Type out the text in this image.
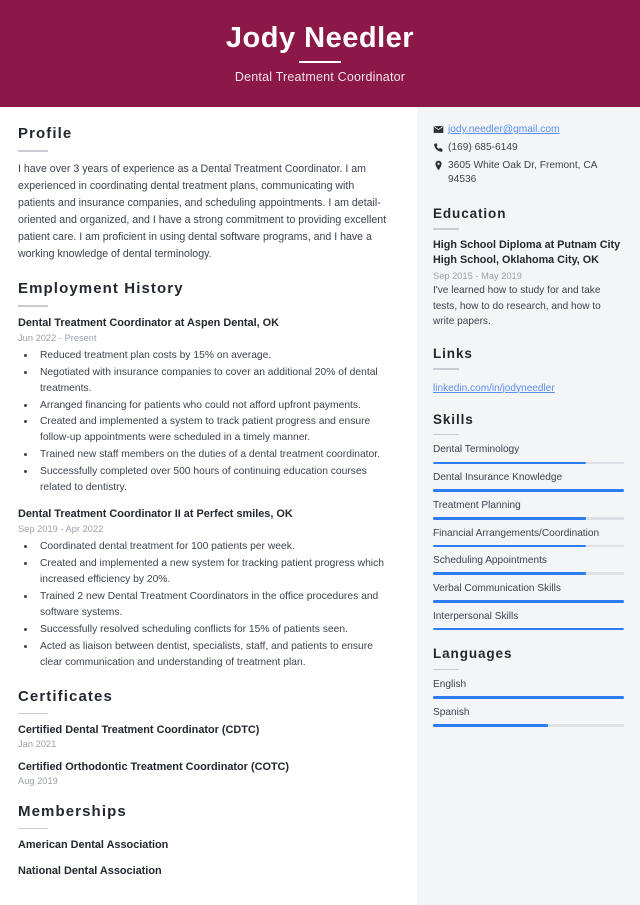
Jody Needler
Dental Treatment Coordinator
Profile
I have over 3 years of experience as a Dental Treatment Coordinator. I am experienced in coordinating dental treatment plans, communicating with patients and insurance companies, and scheduling appointments. I am detail-oriented and organized, and I have a strong commitment to providing excellent patient care. I am proficient in using dental software programs, and I have a working knowledge of dental terminology.
Employment History
Dental Treatment Coordinator at Aspen Dental, OK
Jun 2022 - Present
• Reduced treatment plan costs by 15% on average.
• Negotiated with insurance companies to cover an additional 20% of dental treatments.
• Arranged financing for patients who could not afford upfront payments.
• Created and implemented a system to track patient progress and ensure follow-up appointments were scheduled in a timely manner.
• Trained new staff members on the duties of a dental treatment coordinator.
• Successfully completed over 500 hours of continuing education courses related to dentistry.
Dental Treatment Coordinator II at Perfect smiles, OK
Sep 2019 - Apr 2022
• Coordinated dental treatment for 100 patients per week.
• Created and implemented a new system for tracking patient progress which increased efficiency by 20%.
• Trained 2 new Dental Treatment Coordinators in the office procedures and software systems.
• Successfully resolved scheduling conflicts for 15% of patients seen.
• Acted as liaison between dentist, specialists, staff, and patients to ensure clear communication and understanding of treatment plan.
Certificates
Certified Dental Treatment Coordinator (CDTC)
Jan 2021
Certified Orthodontic Treatment Coordinator (COTC)
Aug 2019
Memberships
American Dental Association
National Dental Association
jody.needler@gmail.com
(169) 685-6149
3605 White Oak Dr, Fremont, CA 94536
Education
High School Diploma at Putnam City High School, Oklahoma City, OK
Sep 2015 - May 2019
I've learned how to study for and take tests, how to do research, and how to write papers.
Links
linkedin.com/in/jodyneedler
Skills
Dental Terminology
Dental Insurance Knowledge
Treatment Planning
Financial Arrangements/Coordination
Scheduling Appointments
Verbal Communication Skills
Interpersonal Skills
Languages
English
Spanish
